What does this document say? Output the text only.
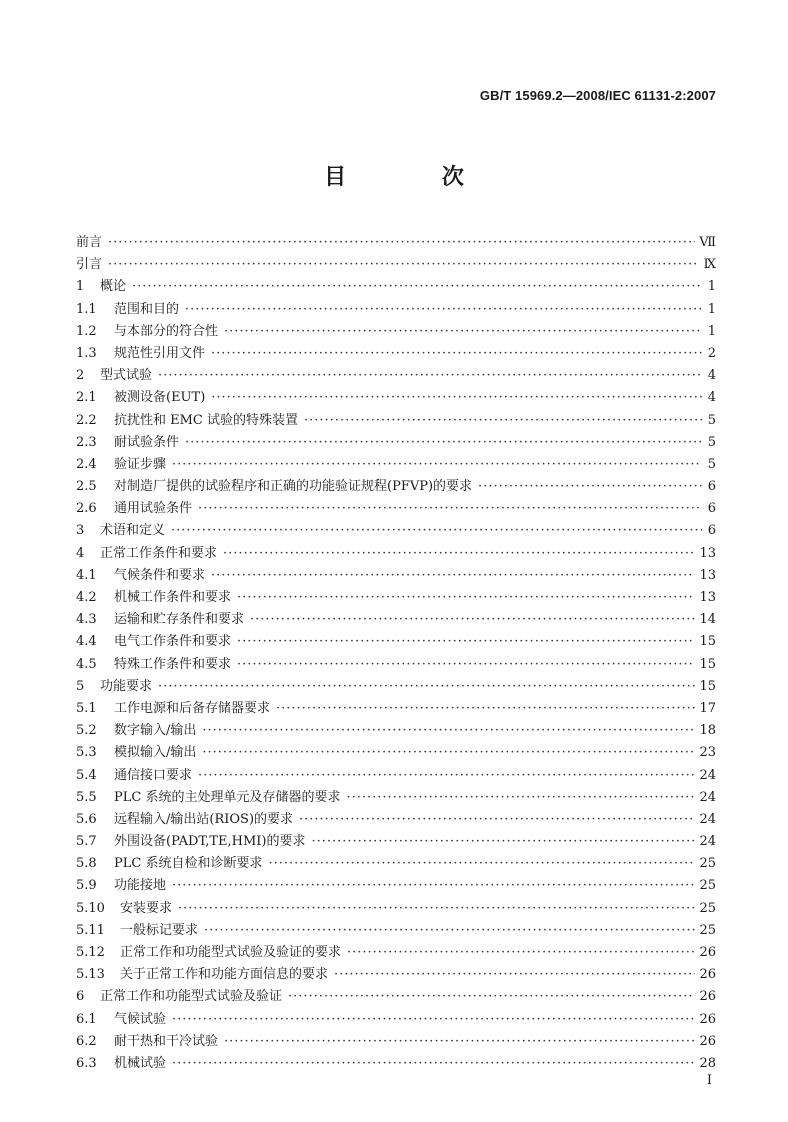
GB/T 15969.2—2008/IEC 61131-2:2007
目 次
前言 ·····	Ⅶ
引言 ·····	Ⅸ
1	概论 ·····	1
1.1	范围和目的 ·····	1
1.2	与本部分的符合性 ·····	1
1.3	规范性引用文件 ·····	2
2	型式试验 ·····	4
2.1	被测设备(EUT) ·····	4
2.2	抗扰性和 EMC 试验的特殊装置 ·····	5
2.3	耐试验条件 ·····	5
2.4	验证步骤 ·····	5
2.5	对制造厂提供的试验程序和正确的功能验证规程(PFVP)的要求 ·····	6
2.6	通用试验条件 ·····	6
3	术语和定义 ·····	6
4	正常工作条件和要求 ·····	13
4.1	气候条件和要求 ·····	13
4.2	机械工作条件和要求 ·····	13
4.3	运输和贮存条件和要求 ·····	14
4.4	电气工作条件和要求 ·····	15
4.5	特殊工作条件和要求 ·····	15
5	功能要求 ·····	15
5.1	工作电源和后备存储器要求 ·····	17
5.2	数字输入/输出 ·····	18
5.3	模拟输入/输出 ·····	23
5.4	通信接口要求 ·····	24
5.5	PLC 系统的主处理单元及存储器的要求 ·····	24
5.6	远程输入/输出站(RIOS)的要求 ·····	24
5.7	外围设备(PADT,TE,HMI)的要求 ·····	24
5.8	PLC 系统自检和诊断要求 ·····	25
5.9	功能接地 ·····	25
5.10	安装要求 ·····	25
5.11	一般标记要求 ·····	25
5.12	正常工作和功能型式试验及验证的要求 ·····	26
5.13	关于正常工作和功能方面信息的要求 ·····	26
6	正常工作和功能型式试验及验证 ·····	26
6.1	气候试验 ·····	26
6.2	耐干热和干冷试验 ·····	26
6.3	机械试验 ·····	28
I
